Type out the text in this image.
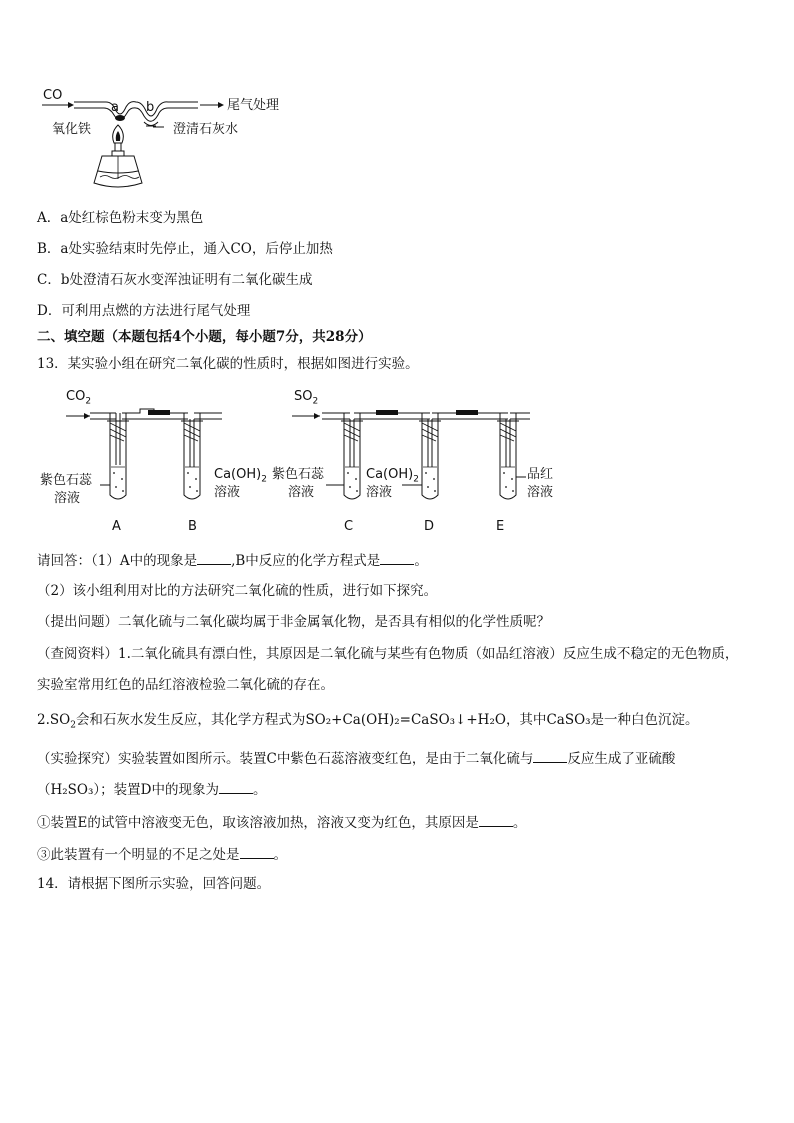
CO
a b	尾气处理
氧化铁	澄清石灰水
A．a处红棕色粉末变为黑色
B．a处实验结束时先停止，通入CO，后停止加热
C．b处澄清石灰水变浑浊证明有二氧化碳生成
D．可利用点燃的方法进行尾气处理
二、填空题（本题包括4个小题，每小题7分，共28分）
13．某实验小组在研究二氧化碳的性质时，根据如图进行实验。
$CO_2$	$SO_2$
紫色石蕊
溶液
$Ca(OH)_2$
溶液
紫色石蕊
溶液
$Ca(OH)_2$
溶液
品红
溶液
A	B	C	D	E
请回答：（1）A中的现象是	,B中反应的化学方程式是	。
（2）该小组利用对比的方法研究二氧化硫的性质，进行如下探究。
（提出问题）二氧化硫与二氧化碳均属于非金属氧化物，是否具有相似的化学性质呢？
（查阅资料）1.二氧化硫具有漂白性，其原因是二氧化硫与某些有色物质（如品红溶液）反应生成不稳定的无色物质，
实验室常用红色的品红溶液检验二氧化硫的存在。
$2.SO_2$会和石灰水发生反应，其化学方程式为SO₂+Ca(OH)₂=CaSO₃↓+H₂O，其中CaSO₃是一种白色沉淀。
（实验探究）实验装置如图所示。装置C中紫色石蕊溶液变红色，是由于二氧化硫与	反应生成了亚硫酸
（H₂SO₃）；装置D中的现象为	。
①装置E的试管中溶液变无色，取该溶液加热，溶液又变为红色，其原因是	。
③此装置有一个明显的不足之处是	。
14．请根据下图所示实验，回答问题。
